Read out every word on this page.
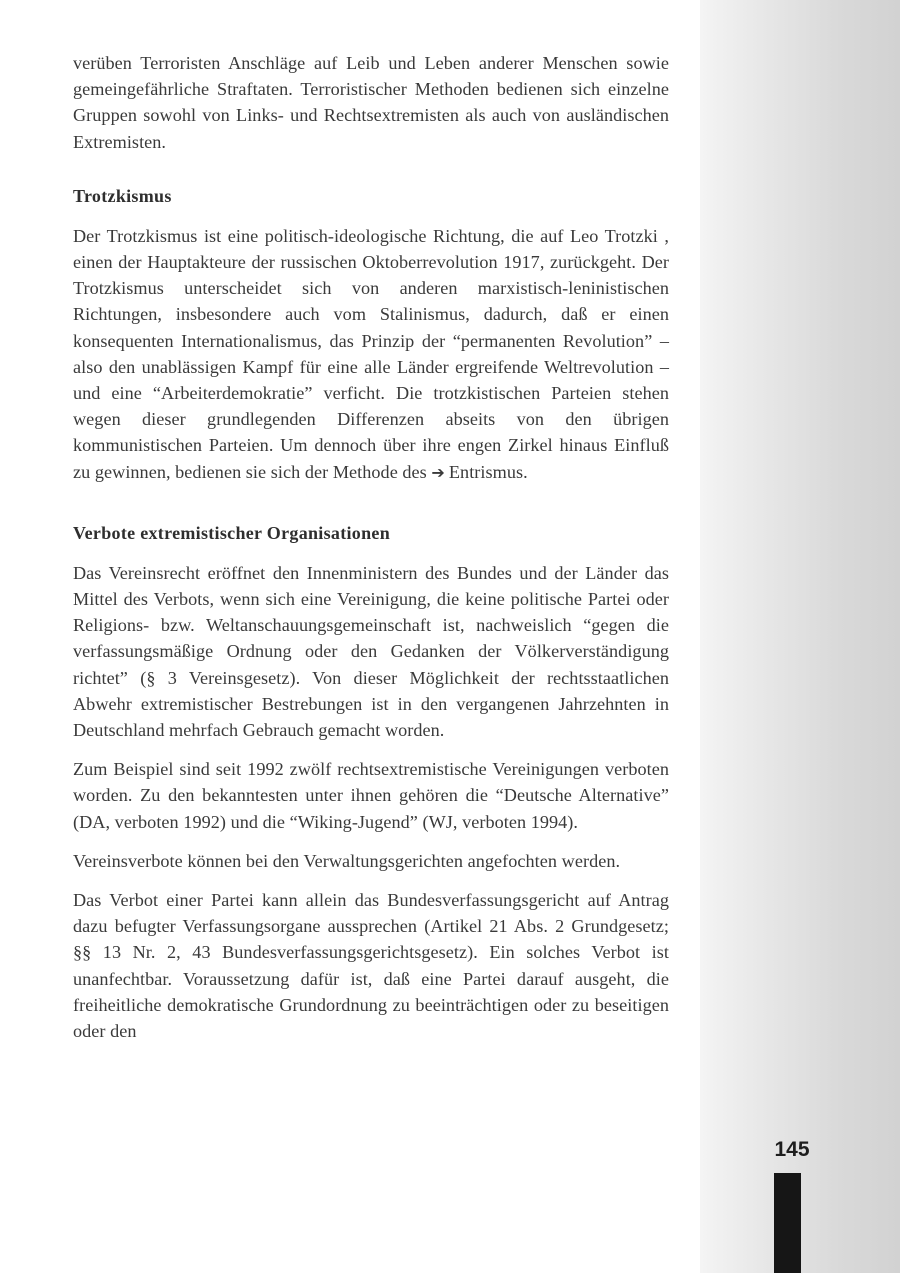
verüben Terroristen Anschläge auf Leib und Leben anderer Menschen sowie gemeingefährliche Straftaten. Terroristischer Methoden bedienen sich einzelne Gruppen sowohl von Links- und Rechtsextremisten als auch von ausländischen Extremisten.

Trotzkismus

Der Trotzkismus ist eine politisch-ideologische Richtung, die auf Leo Trotzki , einen der Hauptakteure der russischen Oktoberrevolution 1917, zurückgeht. Der Trotzkismus unterscheidet sich von anderen marxistisch-leninistischen Richtungen, insbesondere auch vom Stalinismus, dadurch, daß er einen konsequenten Internationalismus, das Prinzip der “permanenten Revolution” – also den unablässigen Kampf für eine alle Länder ergreifende Weltrevolution – und eine “Arbeiterdemokratie” verficht. Die trotzkistischen Parteien stehen wegen dieser grundlegenden Differenzen abseits von den übrigen kommunistischen Parteien. Um dennoch über ihre engen Zirkel hinaus Einfluß zu gewinnen, bedienen sie sich der Methode des ➔ Entrismus.

Verbote extremistischer Organisationen

Das Vereinsrecht eröffnet den Innenministern des Bundes und der Länder das Mittel des Verbots, wenn sich eine Vereinigung, die keine politische Partei oder Religions- bzw. Weltanschauungsgemeinschaft ist, nachweislich “gegen die verfassungsmäßige Ordnung oder den Gedanken der Völkerverständigung richtet” (§ 3 Vereinsgesetz). Von dieser Möglichkeit der rechtsstaatlichen Abwehr extremistischer Bestrebungen ist in den vergangenen Jahrzehnten in Deutschland mehrfach Gebrauch gemacht worden.

Zum Beispiel sind seit 1992 zwölf rechtsextremistische Vereinigungen verboten worden. Zu den bekanntesten unter ihnen gehören die “Deutsche Alternative” (DA, verboten 1992) und die “Wiking-Jugend” (WJ, verboten 1994).

Vereinsverbote können bei den Verwaltungsgerichten angefochten werden.

Das Verbot einer Partei kann allein das Bundesverfassungsgericht auf Antrag dazu befugter Verfassungsorgane aussprechen (Artikel 21 Abs. 2 Grundgesetz; §§ 13 Nr. 2, 43 Bundesverfassungsgerichtsgesetz). Ein solches Verbot ist unanfechtbar. Voraussetzung dafür ist, daß eine Partei darauf ausgeht, die freiheitliche demokratische Grundordnung zu beeinträchtigen oder zu beseitigen oder den

145
